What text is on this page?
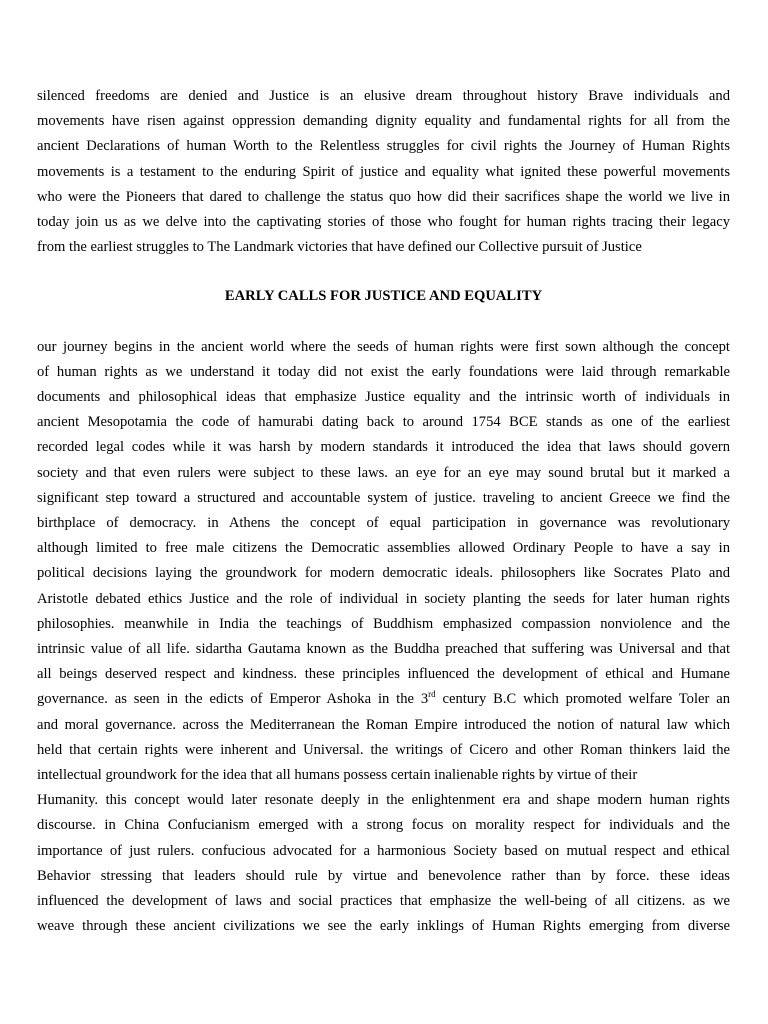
silenced freedoms are denied and Justice is an elusive dream throughout history Brave individuals and
movements have risen against oppression demanding dignity equality and fundamental rights for all from the
ancient Declarations of human Worth to the Relentless struggles for civil rights the Journey of Human Rights
movements is a testament to the enduring Spirit of justice and equality what ignited these powerful movements
who were the Pioneers that dared to challenge the status quo how did their sacrifices shape the world we live in
today join us as we delve into the captivating stories of those who fought for human rights tracing their legacy
from the earliest struggles to The Landmark victories that have defined our Collective pursuit of Justice

EARLY CALLS FOR JUSTICE AND EQUALITY

our journey begins in the ancient world where the seeds of human rights were first sown although the concept
of human rights as we understand it today did not exist the early foundations were laid through remarkable
documents and philosophical ideas that emphasize Justice equality and the intrinsic worth of individuals in
ancient Mesopotamia the code of hamurabi dating back to around 1754 BCE stands as one of the earliest
recorded legal codes while it was harsh by modern standards it introduced the idea that laws should govern
society and that even rulers were subject to these laws. an eye for an eye may sound brutal but it marked a
significant step toward a structured and accountable system of justice. traveling to ancient Greece we find the
birthplace of democracy. in Athens the concept of equal participation in governance was revolutionary
although limited to free male citizens the Democratic assemblies allowed Ordinary People to have a say in
political decisions laying the groundwork for modern democratic ideals. philosophers like Socrates Plato and
Aristotle debated ethics Justice and the role of individual in society planting the seeds for later human rights
philosophies. meanwhile in India the teachings of Buddhism emphasized compassion nonviolence and the
intrinsic value of all life. sidartha Gautama known as the Buddha preached that suffering was Universal and that
all beings deserved respect and kindness. these principles influenced the development of ethical and Humane
governance. as seen in the edicts of Emperor Ashoka in the 3rd century B.C which promoted welfare Toler an
and moral governance. across the Mediterranean the Roman Empire introduced the notion of natural law which
held that certain rights were inherent and Universal. the writings of Cicero and other Roman thinkers laid the
intellectual groundwork for the idea that all humans possess certain inalienable rights by virtue of their
Humanity. this concept would later resonate deeply in the enlightenment era and shape modern human rights
discourse. in China Confucianism emerged with a strong focus on morality respect for individuals and the
importance of just rulers. confucious advocated for a harmonious Society based on mutual respect and ethical
Behavior stressing that leaders should rule by virtue and benevolence rather than by force. these ideas
influenced the development of laws and social practices that emphasize the well-being of all citizens. as we
weave through these ancient civilizations we see the early inklings of Human Rights emerging from diverse
